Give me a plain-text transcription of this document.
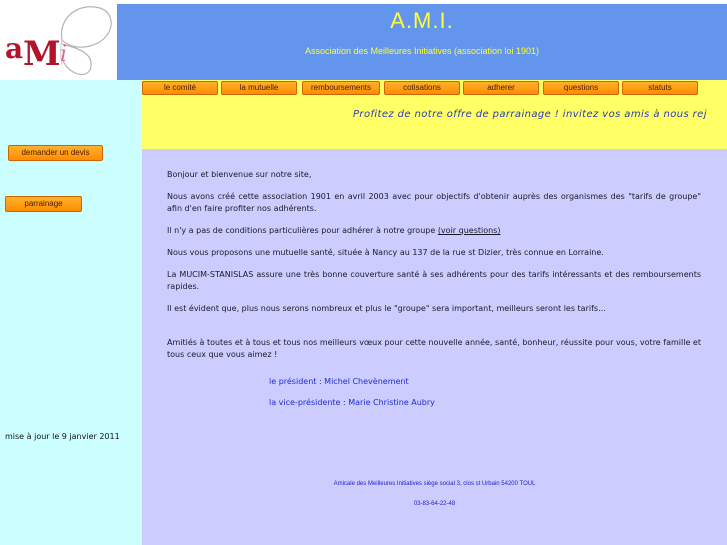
a M i
A.M.I.
Association des Meilleures Initiatives (association loi 1901)
demander un devis
parrainage
mise à jour le 9 janvier 2011
le comité	la mutuelle	remboursements	cotisations	adherer	questions	statuts
Profitez de notre offre de parrainage ! invitez vos amis à nous rej

Bonjour et bienvenue sur notre site,

Nous avons créé cette association 1901 en avril 2003 avec pour objectifs d'obtenir auprès des organismes des "tarifs de groupe" afin d'en faire profiter nos adhérents.

Il n'y a pas de conditions particulières pour adhérer à notre groupe (voir questions)

Nous vous proposons une mutuelle santé, située à Nancy au 137 de la rue st Dizier, très connue en Lorraine.

La MUCIM-STANISLAS assure une très bonne couverture santé à ses adhérents pour des tarifs intéressants et des remboursements rapides.

Il est évident que, plus nous serons nombreux et plus le "groupe" sera important, meilleurs seront les tarifs...

Amitiés à toutes et à tous et tous nos meilleurs vœux pour cette nouvelle année, santé, bonheur, réussite pour vous, votre famille et tous ceux que vous aimez !

le président : Michel Chevènement
la vice-présidente : Marie Christine Aubry
Amicale des Meilleures Initiatives siège social 3, clos st Urbain 54200 TOUL
03-83-64-22-48
